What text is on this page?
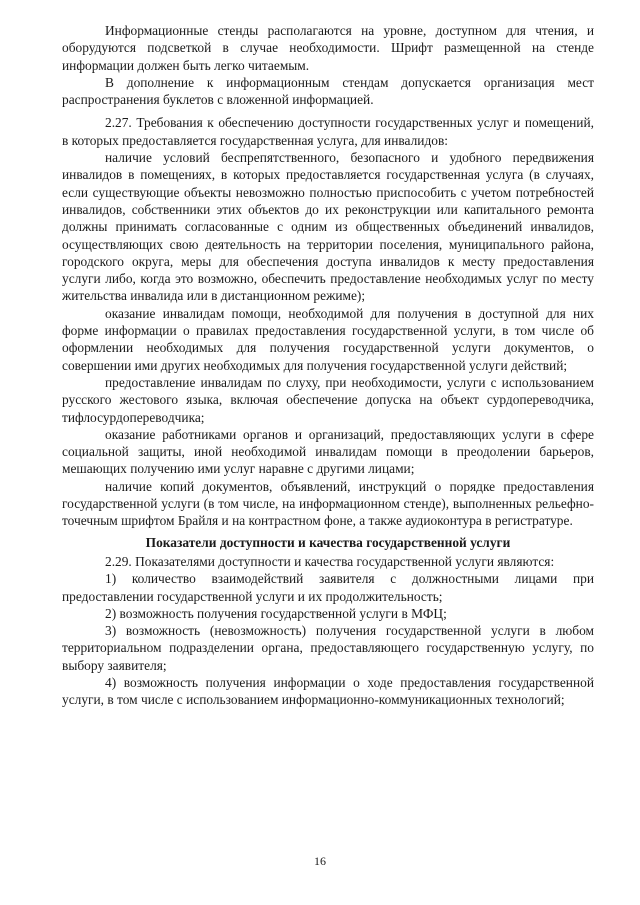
Информационные стенды располагаются на уровне, доступном для чтения, и оборудуются подсветкой в случае необходимости. Шрифт размещенной на стенде информации должен быть легко читаемым.

В дополнение к информационным стендам допускается организация мест распространения буклетов с вложенной информацией.

2.27. Требования к обеспечению доступности государственных услуг и помещений, в которых предоставляется государственная услуга, для инвалидов:

наличие условий беспрепятственного, безопасного и удобного передвижения инвалидов в помещениях, в которых предоставляется государственная услуга (в случаях, если существующие объекты невозможно полностью приспособить с учетом потребностей инвалидов, собственники этих объектов до их реконструкции или капитального ремонта должны принимать согласованные с одним из общественных объединений инвалидов, осуществляющих свою деятельность на территории поселения, муниципального района, городского округа, меры для обеспечения доступа инвалидов к месту предоставления услуги либо, когда это возможно, обеспечить предоставление необходимых услуг по месту жительства инвалида или в дистанционном режиме);

оказание инвалидам помощи, необходимой для получения в доступной для них форме информации о правилах предоставления государственной услуги, в том числе об оформлении необходимых для получения государственной услуги документов, о совершении ими других необходимых для получения государственной услуги действий;

предоставление инвалидам по слуху, при необходимости, услуги с использованием русского жестового языка, включая обеспечение допуска на объект сурдопереводчика, тифлосурдопереводчика;

оказание работниками органов и организаций, предоставляющих услуги в сфере социальной защиты, иной необходимой инвалидам помощи в преодолении барьеров, мешающих получению ими услуг наравне с другими лицами;

наличие копий документов, объявлений, инструкций о порядке предоставления государственной услуги (в том числе, на информационном стенде), выполненных рельефно-точечным шрифтом Брайля и на контрастном фоне, а также аудиоконтура в регистратуре.

Показатели доступности и качества государственной услуги

2.29. Показателями доступности и качества государственной услуги являются:

1) количество взаимодействий заявителя с должностными лицами при предоставлении государственной услуги и их продолжительность;

2) возможность получения государственной услуги в МФЦ;

3) возможность (невозможность) получения государственной услуги в любом территориальном подразделении органа, предоставляющего государственную услугу, по выбору заявителя;

4) возможность получения информации о ходе предоставления государственной услуги, в том числе с использованием информационно-коммуникационных технологий;

16
